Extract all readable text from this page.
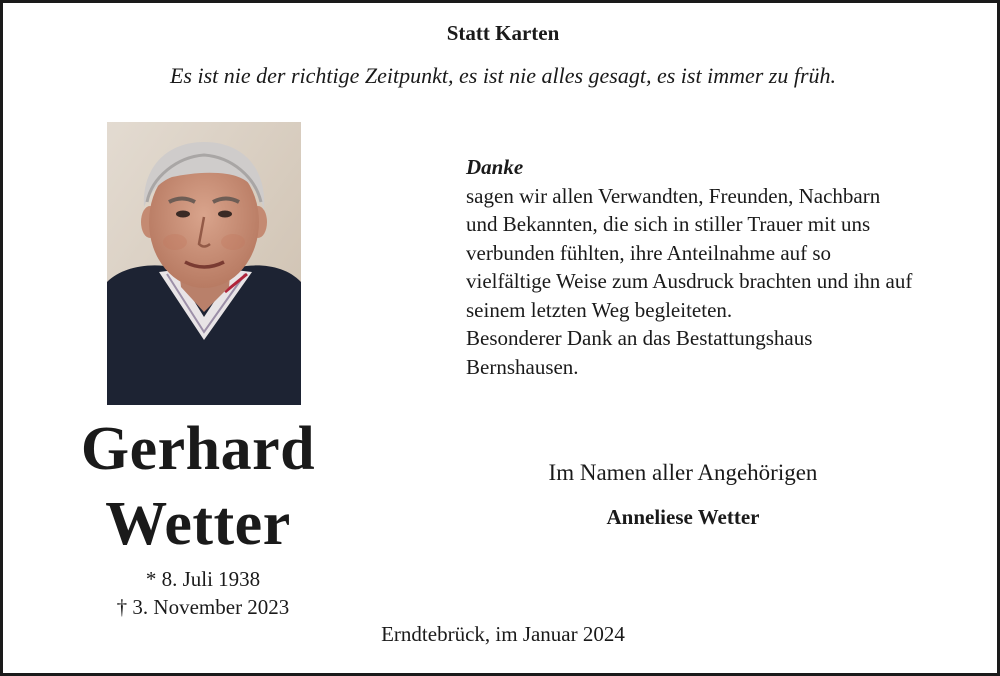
Statt Karten
Es ist nie der richtige Zeitpunkt, es ist nie alles gesagt, es ist immer zu früh.
Gerhard
Wetter
* 8. Juli 1938
† 3. November 2023
Danke
sagen wir allen Verwandten, Freunden, Nachbarn
und Bekannten, die sich in stiller Trauer mit uns
verbunden fühlten, ihre Anteilnahme auf so
vielfältige Weise zum Ausdruck brachten und ihn auf
seinem letzten Weg begleiteten.
Besonderer Dank an das Bestattungshaus
Bernshausen.
Im Namen aller Angehörigen
Anneliese Wetter
Erndtebrück, im Januar 2024
